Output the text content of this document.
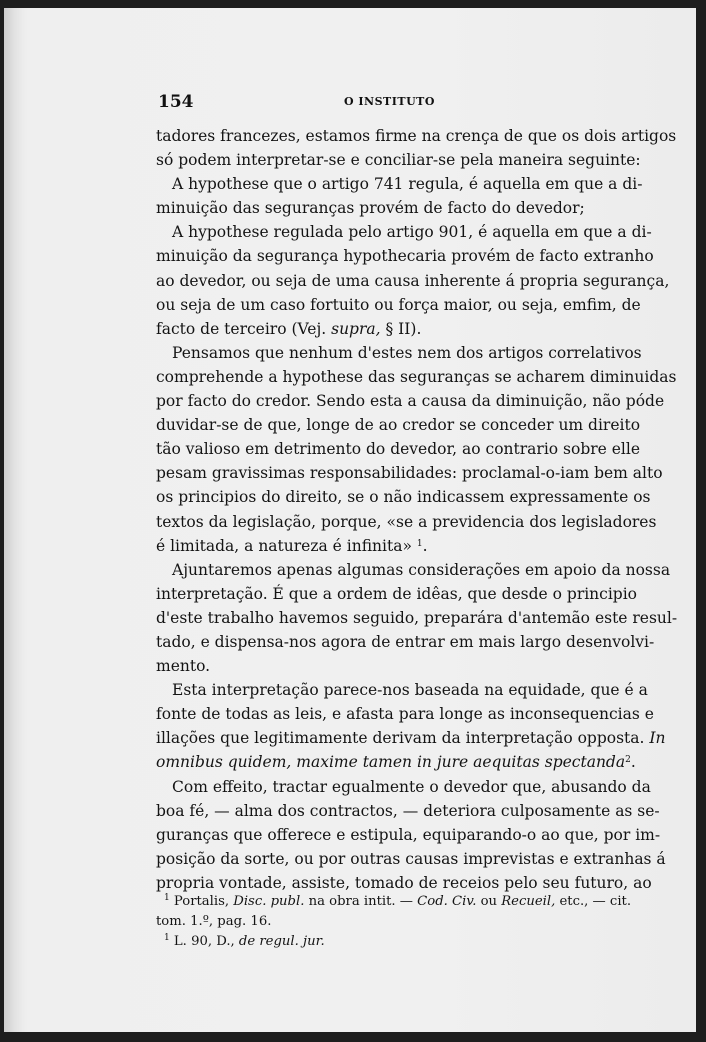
154	O INSTITUTO
tadores francezes, estamos firme na crença de que os dois artigos
só podem interpretar-se e conciliar-se pela maneira seguinte:
A hypothese que o artigo 741 regula, é aquella em que a di-
minuição das seguranças provém de facto do devedor;
A hypothese regulada pelo artigo 901, é aquella em que a di-
minuição da segurança hypothecaria provém de facto extranho
ao devedor, ou seja de uma causa inherente á propria segurança,
ou seja de um caso fortuito ou força maior, ou seja, emfim, de
facto de terceiro (Vej. supra, § II).
Pensamos que nenhum d'estes nem dos artigos correlativos
comprehende a hypothese das seguranças se acharem diminuidas
por facto do credor. Sendo esta a causa da diminuição, não póde
duvidar-se de que, longe de ao credor se conceder um direito
tão valioso em detrimento do devedor, ao contrario sobre elle
pesam gravissimas responsabilidades: proclamal-o-iam bem alto
os principios do direito, se o não indicassem expressamente os
textos da legislação, porque, «se a previdencia dos legisladores
é limitada, a natureza é infinita» $^1$.
Ajuntaremos apenas algumas considerações em apoio da nossa
interpretação. É que a ordem de idêas, que desde o principio
d'este trabalho havemos seguido, preparára d'antemão este resul-
tado, e dispensa-nos agora de entrar em mais largo desenvolvi-
mento.
Esta interpretação parece-nos baseada na equidade, que é a
fonte de todas as leis, e afasta para longe as inconsequencias e
illações que legitimamente derivam da interpretação opposta. In
omnibus quidem, maxime tamen in jure aequitas spectanda$^2$.
Com effeito, tractar egualmente o devedor que, abusando da
boa fé, — alma dos contractos, — deteriora culposamente as se-
guranças que offerece e estipula, equiparando-o ao que, por im-
posição da sorte, ou por outras causas imprevistas e extranhas á
propria vontade, assiste, tomado de receios pelo seu futuro, ao
$^1$ Portalis, Disc. publ. na obra intit. — Cod. Civ. ou Recueil, etc., — cit.
tom. 1.º, pag. 16.
$^1$ L. 90, D., de regul. jur.
